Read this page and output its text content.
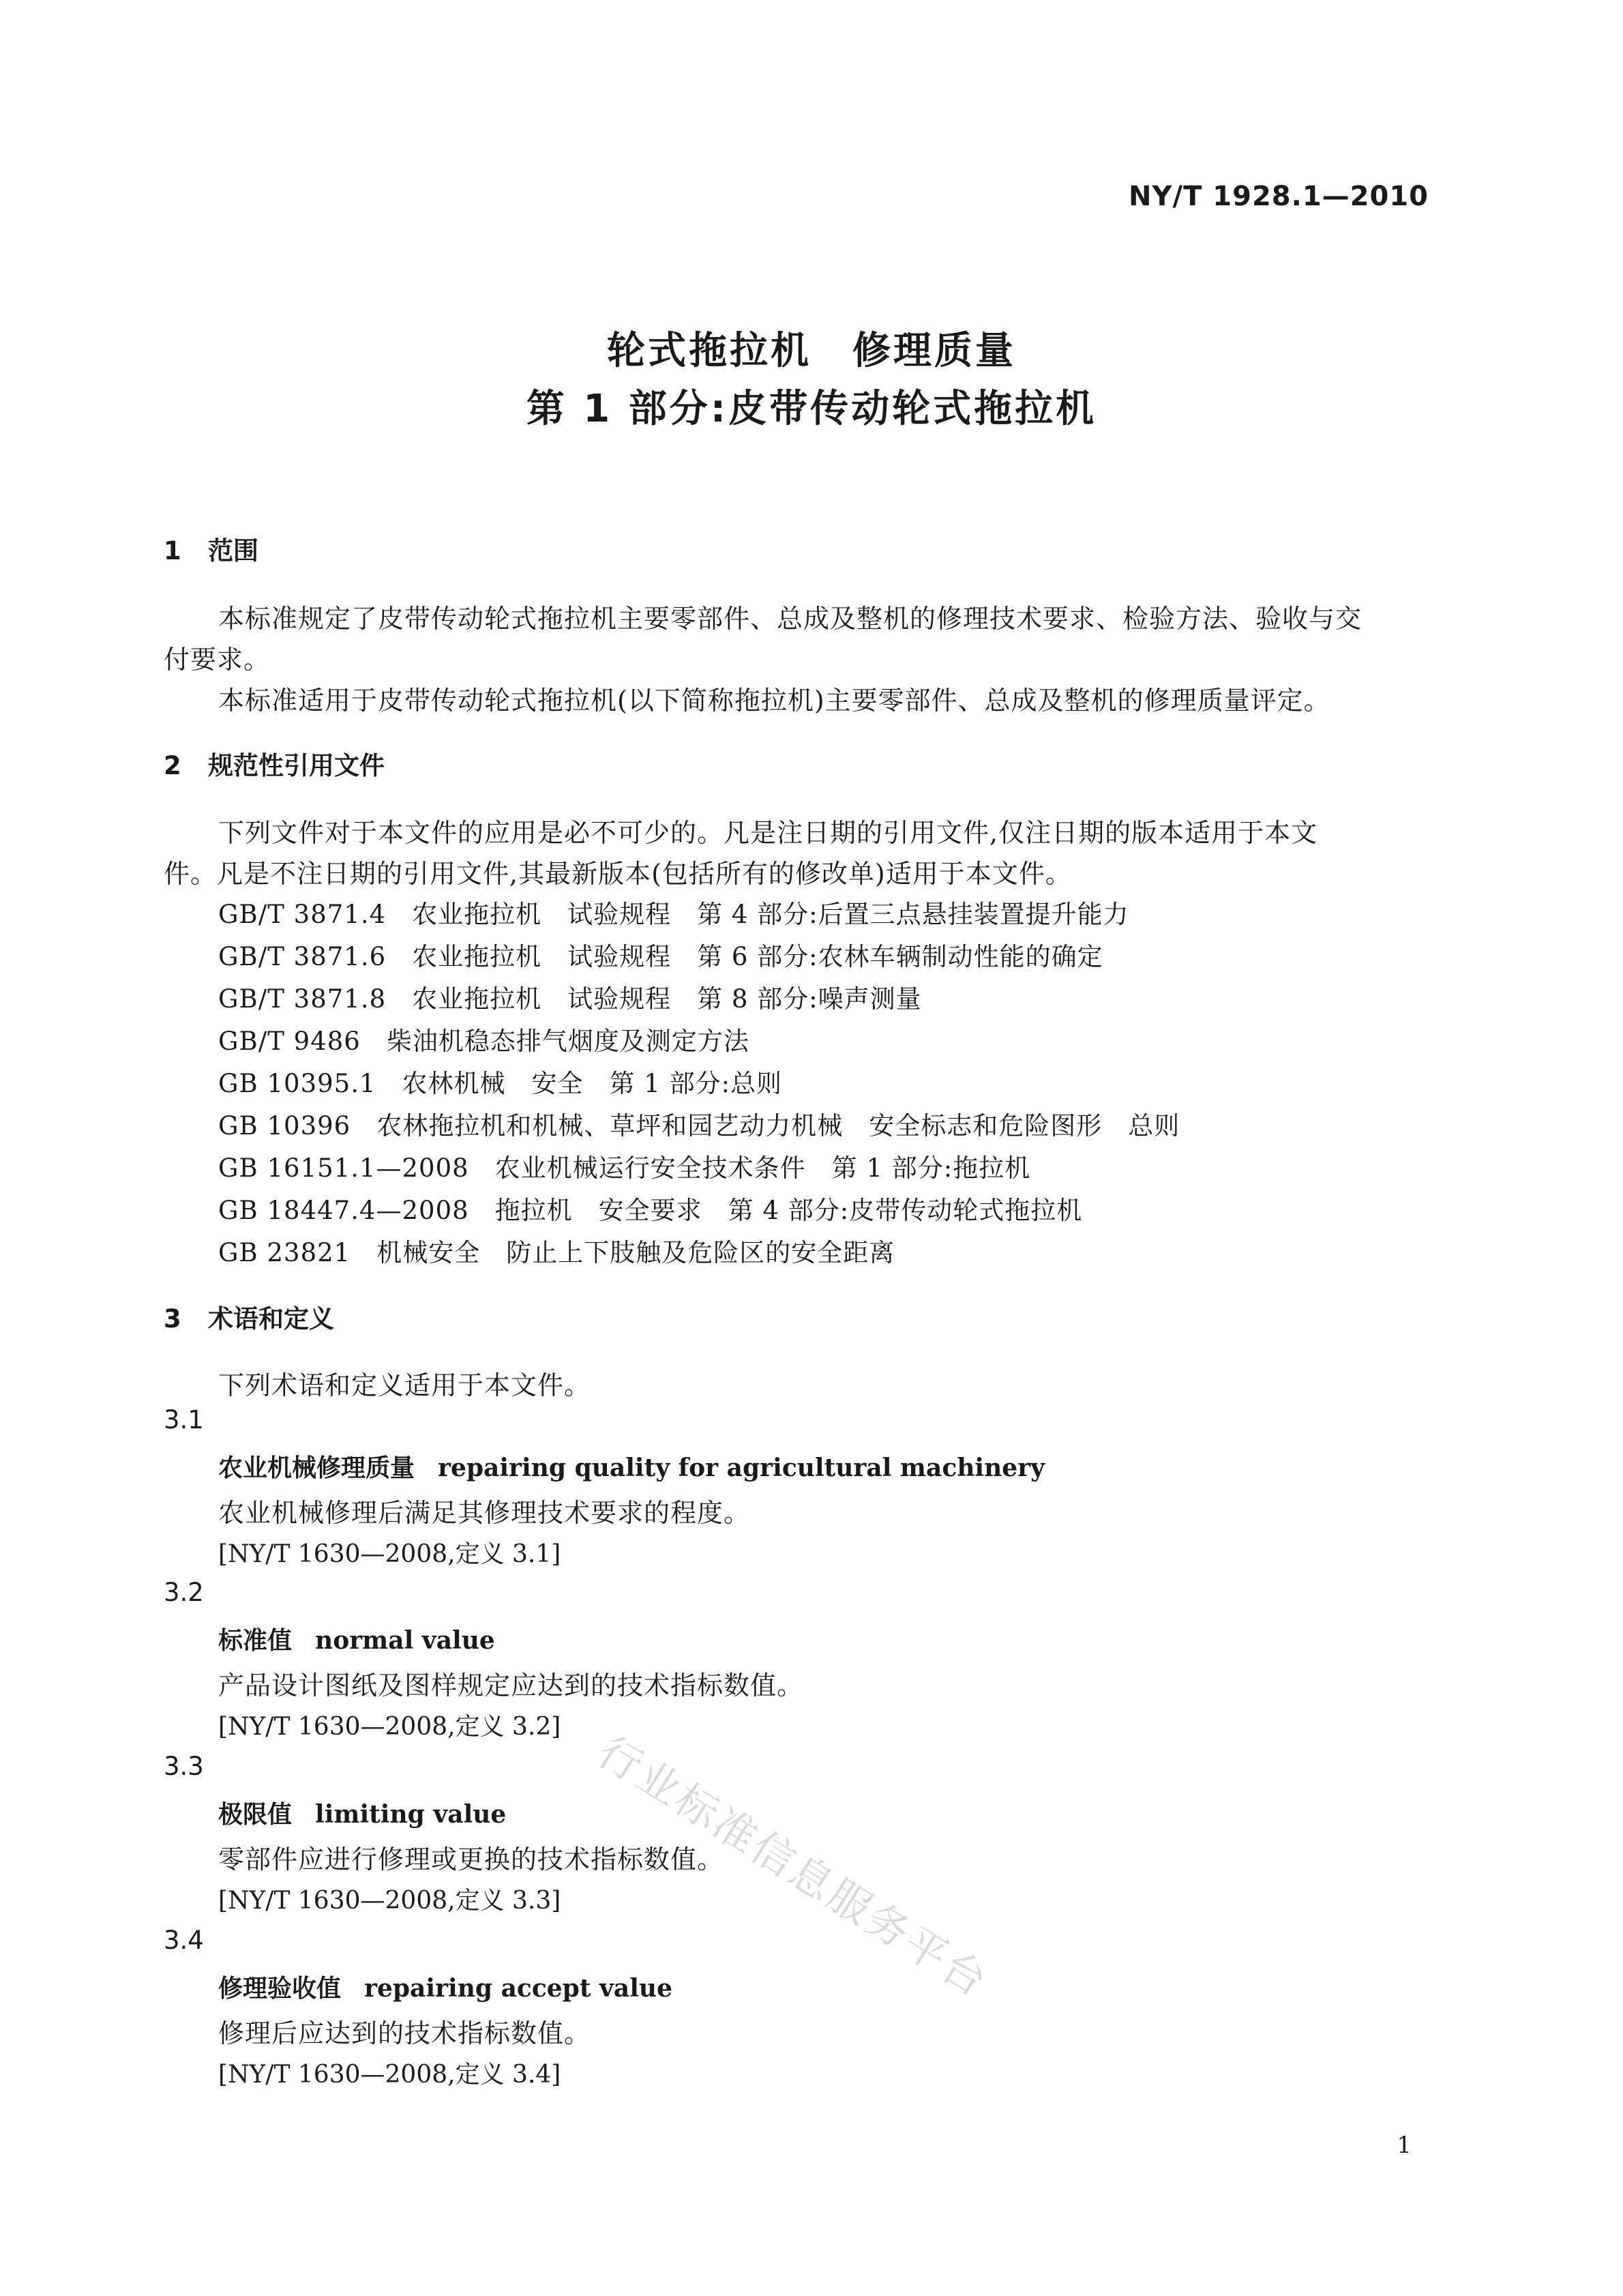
NY/T 1928.1—2010
轮式拖拉机　修理质量
第 1 部分:皮带传动轮式拖拉机
1 范围
本标准规定了皮带传动轮式拖拉机主要零部件、总成及整机的修理技术要求、检验方法、验收与交
付要求。
本标准适用于皮带传动轮式拖拉机(以下简称拖拉机)主要零部件、总成及整机的修理质量评定。
2 规范性引用文件
下列文件对于本文件的应用是必不可少的。凡是注日期的引用文件,仅注日期的版本适用于本文
件。凡是不注日期的引用文件,其最新版本(包括所有的修改单)适用于本文件。
GB/T 3871.4　农业拖拉机　试验规程　第 4 部分:后置三点悬挂装置提升能力
GB/T 3871.6　农业拖拉机　试验规程　第 6 部分:农林车辆制动性能的确定
GB/T 3871.8　农业拖拉机　试验规程　第 8 部分:噪声测量
GB/T 9486　柴油机稳态排气烟度及测定方法
GB 10395.1　农林机械　安全　第 1 部分:总则
GB 10396　农林拖拉机和机械、草坪和园艺动力机械　安全标志和危险图形　总则
GB 16151.1—2008　农业机械运行安全技术条件　第 1 部分:拖拉机
GB 18447.4—2008　拖拉机　安全要求　第 4 部分:皮带传动轮式拖拉机
GB 23821　机械安全　防止上下肢触及危险区的安全距离
3 术语和定义
下列术语和定义适用于本文件。
3.1
农业机械修理质量 repairing quality for agricultural machinery
农业机械修理后满足其修理技术要求的程度。
[NY/T 1630—2008,定义 3.1]
3.2
标准值 normal value
产品设计图纸及图样规定应达到的技术指标数值。
[NY/T 1630—2008,定义 3.2]
3.3
极限值 limiting value
零部件应进行修理或更换的技术指标数值。
[NY/T 1630—2008,定义 3.3]
3.4
修理验收值 repairing accept value
修理后应达到的技术指标数值。
[NY/T 1630—2008,定义 3.4]
行业标准信息服务平台
1
